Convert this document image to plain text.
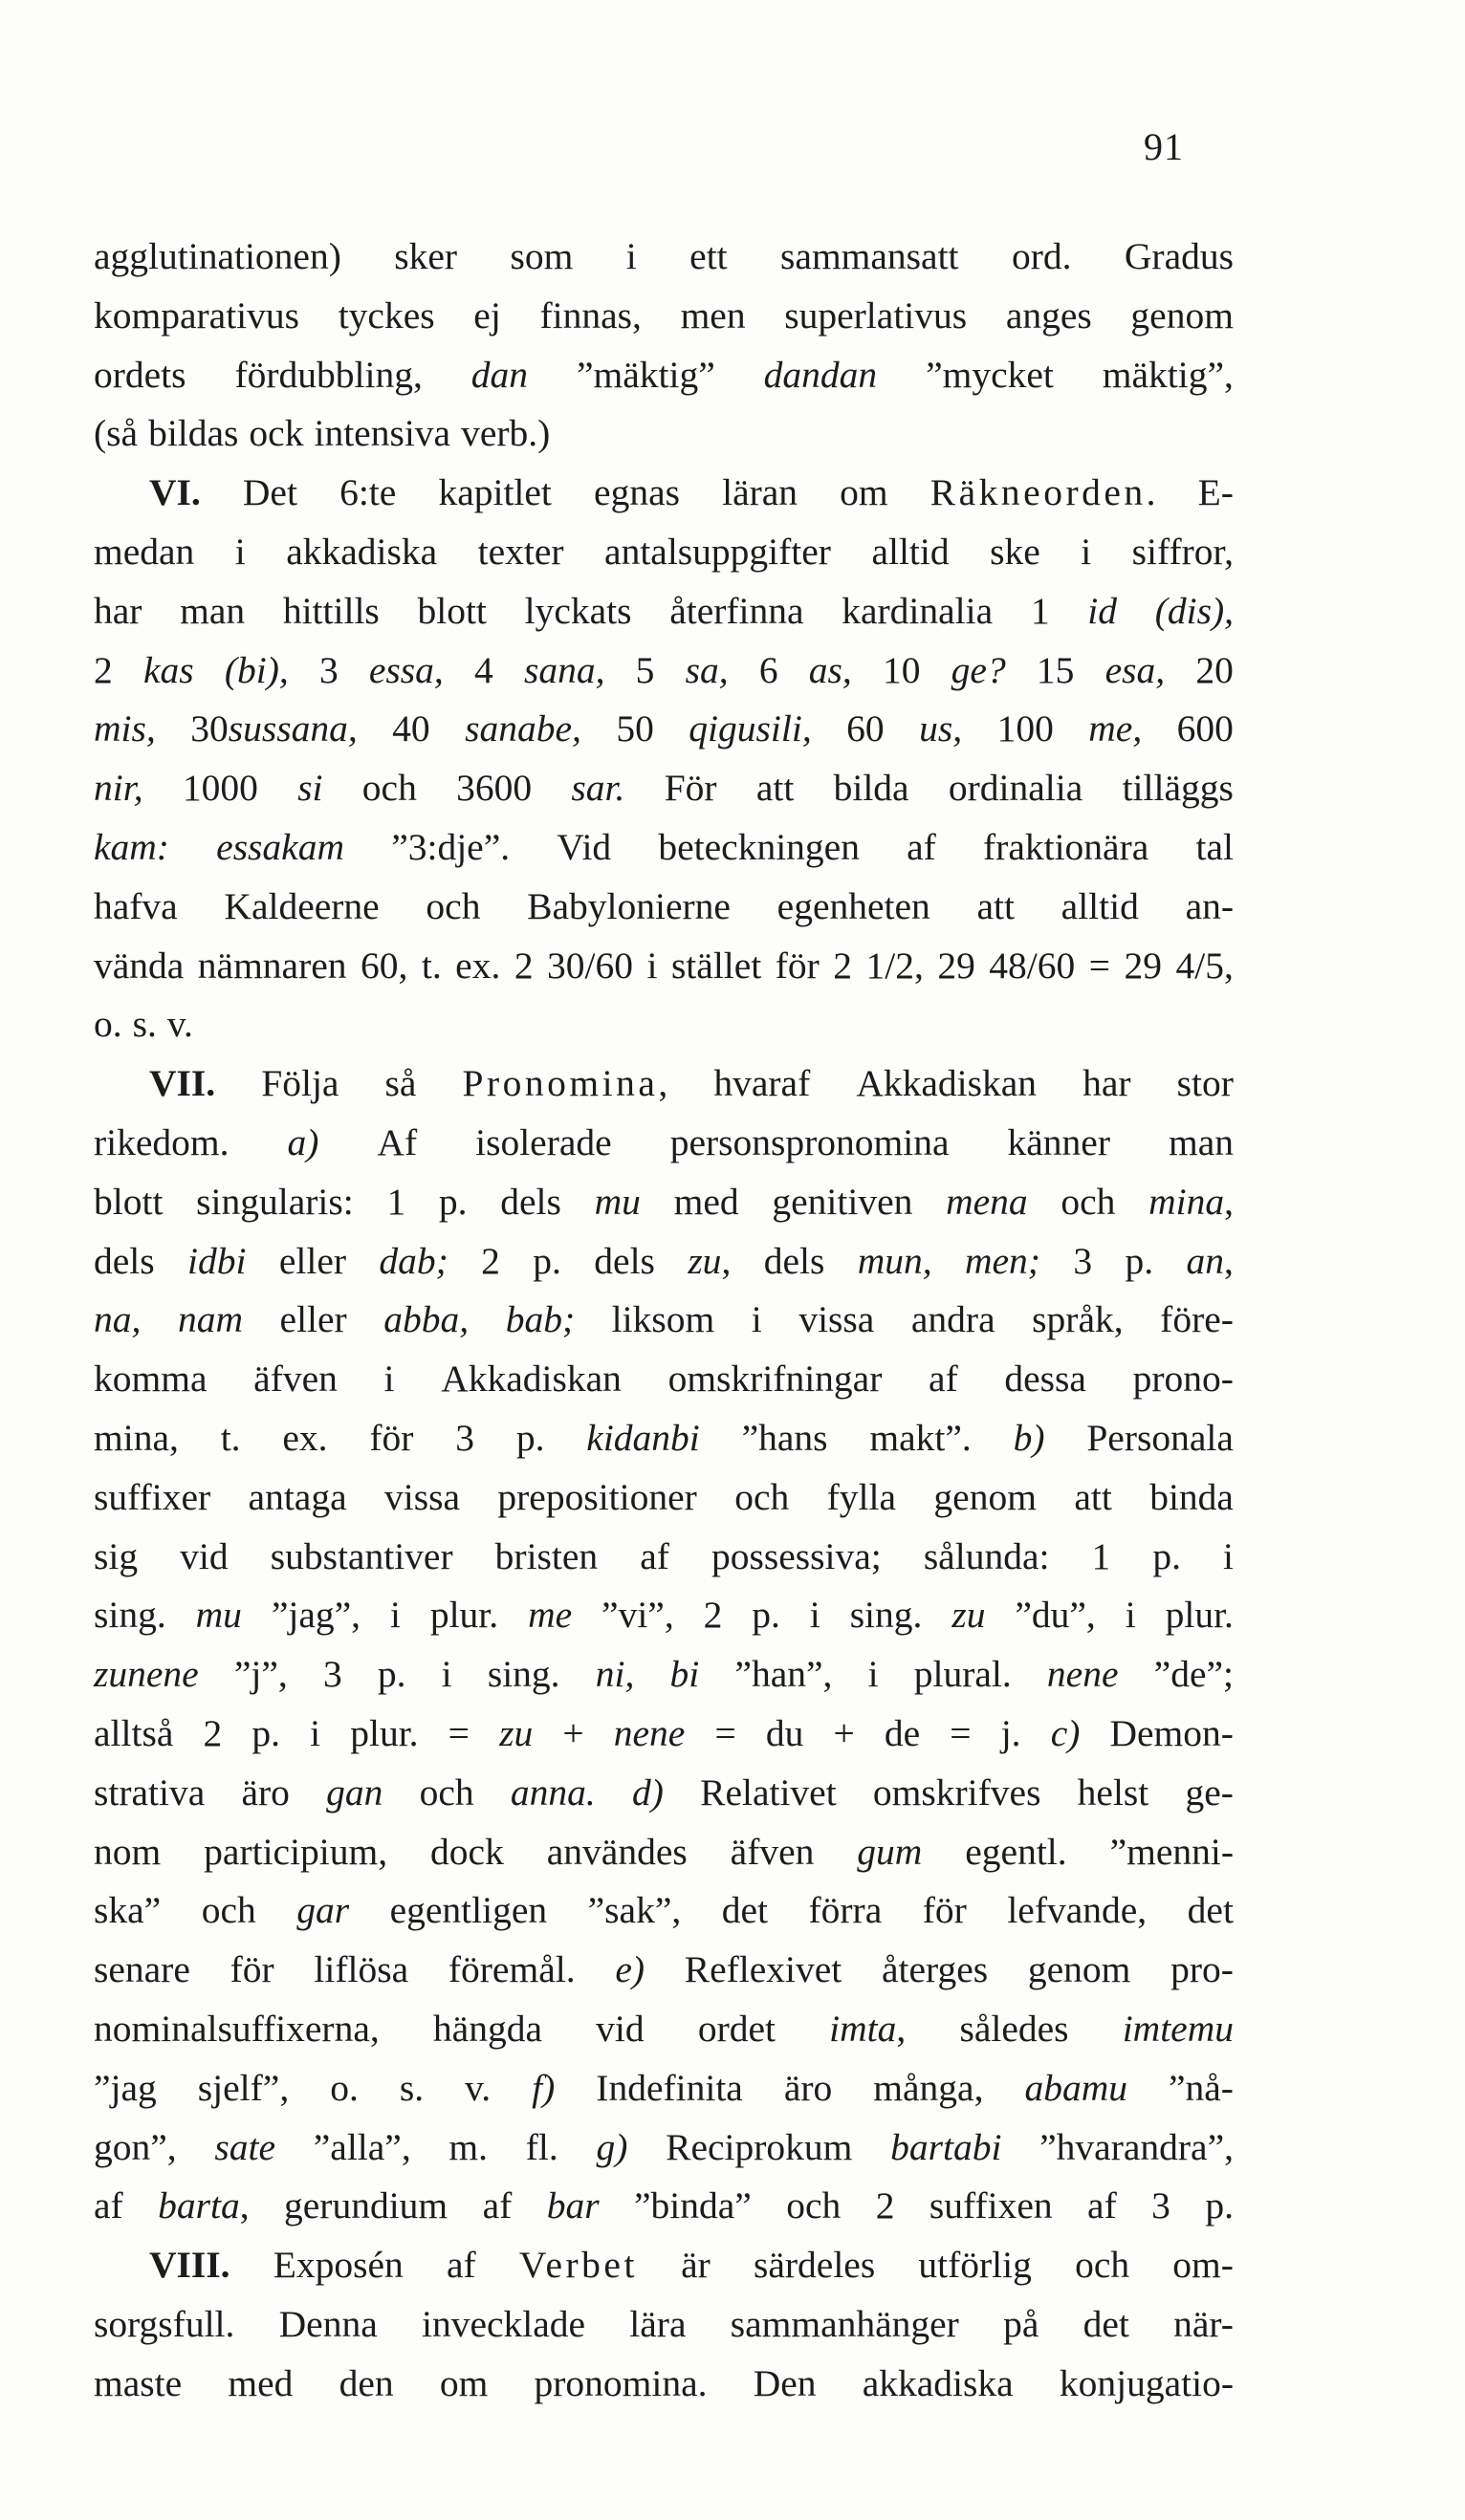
91
agglutinationen) sker som i ett sammansatt ord. Gradus
komparativus tyckes ej finnas, men superlativus anges genom
ordets fördubbling, dan ”mäktig” dandan ”mycket mäktig”,
(så bildas ock intensiva verb.)
VI. Det 6:te kapitlet egnas läran om Räkneorden. E-
medan i akkadiska texter antalsuppgifter alltid ske i siffror,
har man hittills blott lyckats återfinna kardinalia 1 id (dis),
2 kas (bi), 3 essa, 4 sana, 5 sa, 6 as, 10 ge? 15 esa, 20
mis, 30sussana, 40 sanabe, 50 qigusili, 60 us, 100 me, 600
nir, 1000 si och 3600 sar. För att bilda ordinalia tilläggs
kam: essakam ”3:dje”. Vid beteckningen af fraktionära tal
hafva Kaldeerne och Babylonierne egenheten att alltid an-
vända nämnaren 60, t. ex. 2 30/60 i stället för 2 1/2, 29 48/60 = 29 4/5,
o. s. v.
VII. Följa så Pronomina, hvaraf Akkadiskan har stor
rikedom. a) Af isolerade personspronomina känner man
blott singularis: 1 p. dels mu med genitiven mena och mina,
dels idbi eller dab; 2 p. dels zu, dels mun, men; 3 p. an,
na, nam eller abba, bab; liksom i vissa andra språk, före-
komma äfven i Akkadiskan omskrifningar af dessa prono-
mina, t. ex. för 3 p. kidanbi ”hans makt”. b) Personala
suffixer antaga vissa prepositioner och fylla genom att binda
sig vid substantiver bristen af possessiva; sålunda: 1 p. i
sing. mu ”jag”, i plur. me ”vi”, 2 p. i sing. zu ”du”, i plur.
zunene ”j”, 3 p. i sing. ni, bi ”han”, i plural. nene ”de”;
alltså 2 p. i plur. = zu + nene = du + de = j. c) Demon-
strativa äro gan och anna. d) Relativet omskrifves helst ge-
nom participium, dock användes äfven gum egentl. ”menni-
ska” och gar egentligen ”sak”, det förra för lefvande, det
senare för liflösa föremål. e) Reflexivet återges genom pro-
nominalsuffixerna, hängda vid ordet imta, således imtemu
”jag sjelf”, o. s. v. f) Indefinita äro många, abamu ”nå-
gon”, sate ”alla”, m. fl. g) Reciprokum bartabi ”hvarandra”,
af barta, gerundium af bar ”binda” och 2 suffixen af 3 p.
VIII. Exposén af Verbet är särdeles utförlig och om-
sorgsfull. Denna invecklade lära sammanhänger på det när-
maste med den om pronomina. Den akkadiska konjugatio-
